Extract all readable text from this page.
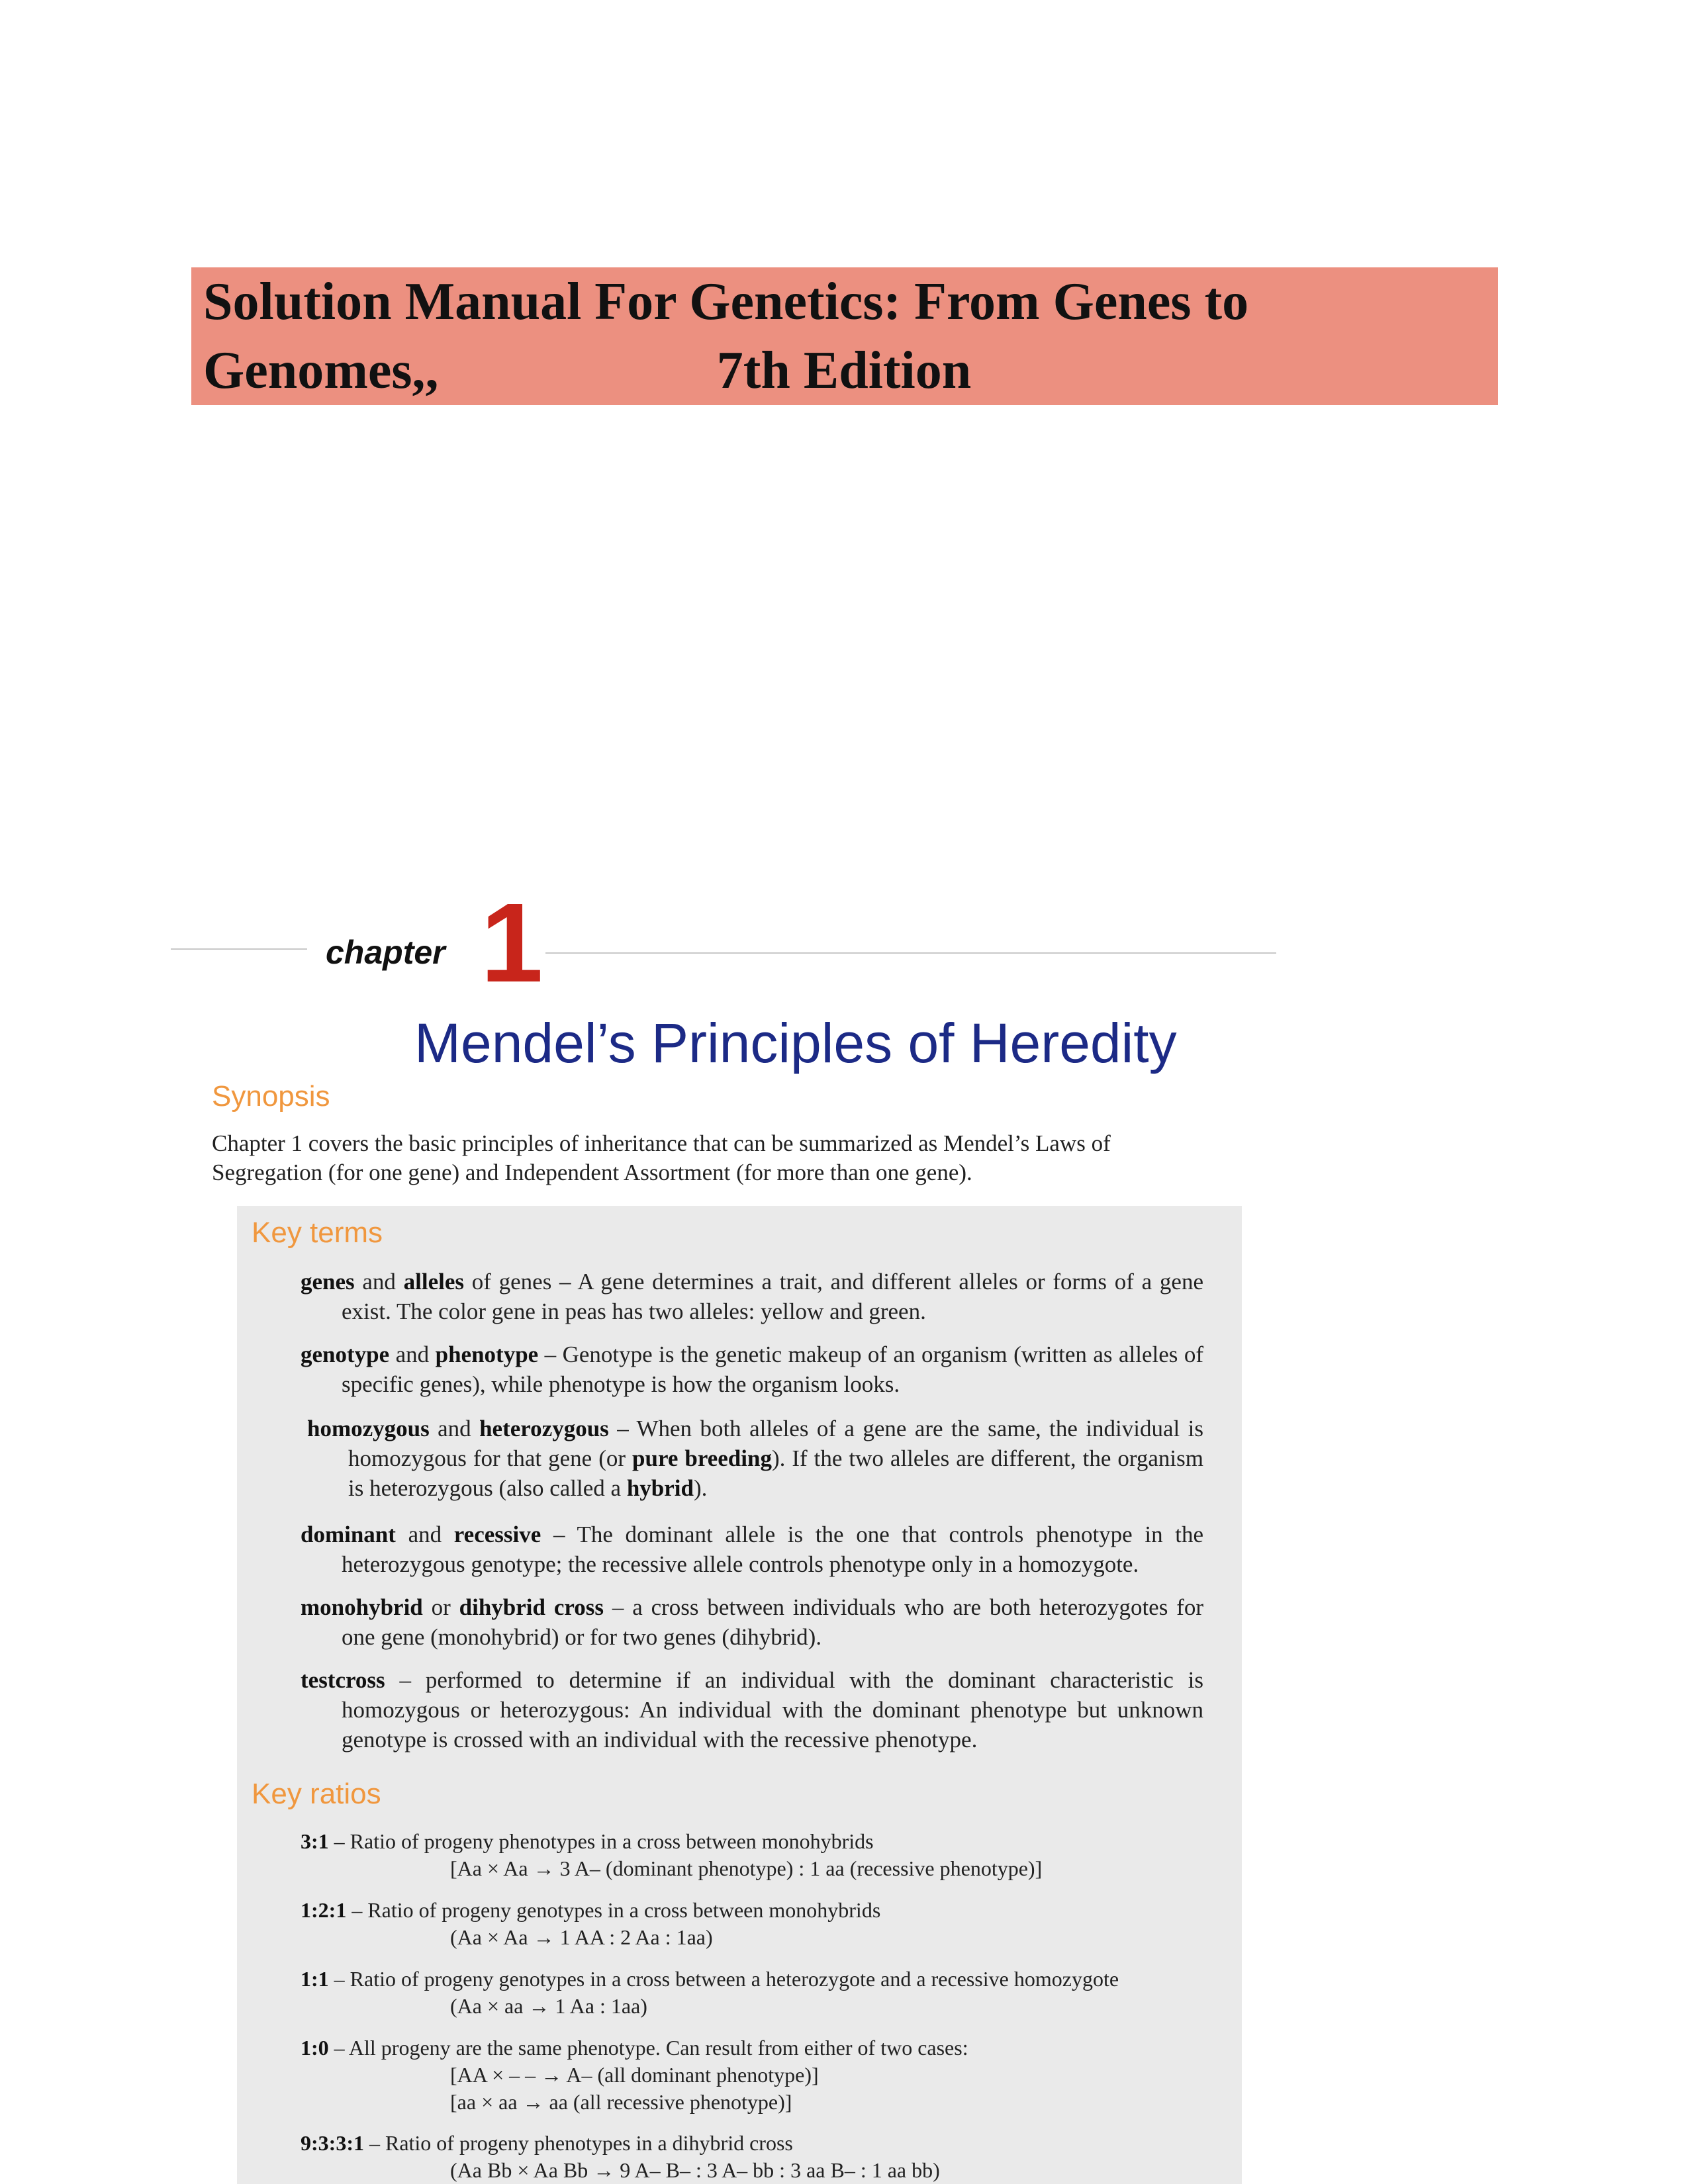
Solution Manual For Genetics: From Genes to Genomes,,	7th Edition
chapter 1
Mendel’s Principles of Heredity
Synopsis
Chapter 1 covers the basic principles of inheritance that can be summarized as Mendel’s Laws of Segregation (for one gene) and Independent Assortment (for more than one gene).
Key terms
genes and alleles of genes – A gene determines a trait, and different alleles or forms of a gene exist. The color gene in peas has two alleles: yellow and green.
genotype and phenotype – Genotype is the genetic makeup of an organism (written as alleles of specific genes), while phenotype is how the organism looks.
homozygous and heterozygous – When both alleles of a gene are the same, the individual is homozygous for that gene (or pure breeding). If the two alleles are different, the organism is heterozygous (also called a hybrid).
dominant and recessive – The dominant allele is the one that controls phenotype in the heterozygous genotype; the recessive allele controls phenotype only in a homozygote.
monohybrid or dihybrid cross – a cross between individuals who are both heterozygotes for one gene (monohybrid) or for two genes (dihybrid).
testcross – performed to determine if an individual with the dominant characteristic is homozygous or heterozygous: An individual with the dominant phenotype but unknown genotype is crossed with an individual with the recessive phenotype.
Key ratios
3:1 – Ratio of progeny phenotypes in a cross between monohybrids
[Aa × Aa → 3 A– (dominant phenotype) : 1 aa (recessive phenotype)]
1:2:1 – Ratio of progeny genotypes in a cross between monohybrids
(Aa × Aa → 1 AA : 2 Aa : 1aa)
1:1 – Ratio of progeny genotypes in a cross between a heterozygote and a recessive homozygote
(Aa × aa → 1 Aa : 1aa)
1:0 – All progeny are the same phenotype. Can result from either of two cases:
[AA × – – → A– (all dominant phenotype)]
[aa × aa → aa (all recessive phenotype)]
9:3:3:1 – Ratio of progeny phenotypes in a dihybrid cross
(Aa Bb × Aa Bb → 9 A– B– : 3 A– bb : 3 aa B– : 1 aa bb)
